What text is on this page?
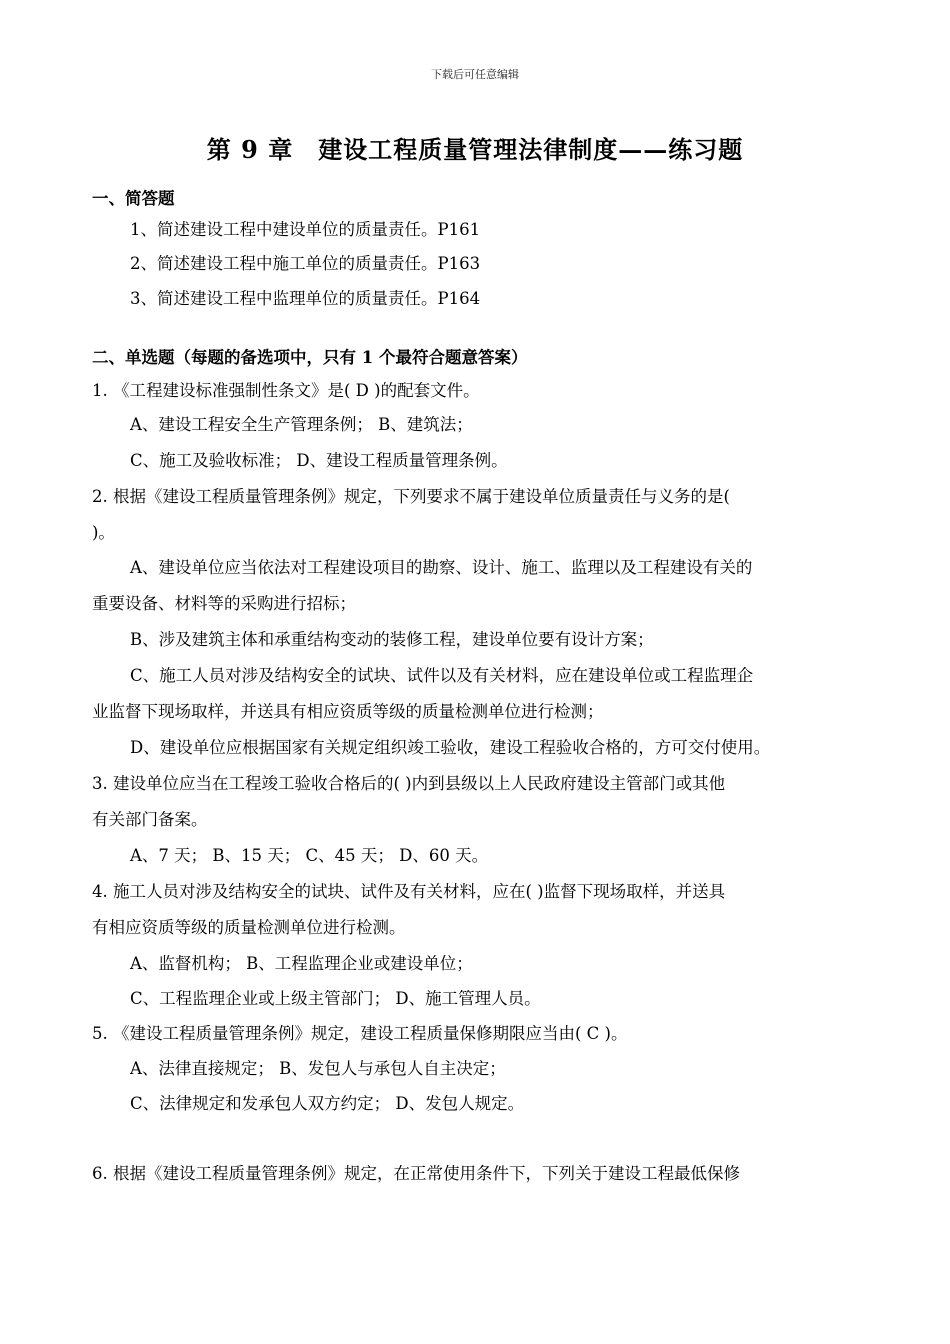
下载后可任意编辑
第 9 章　建设工程质量管理法律制度——练习题
一、简答题
1、简述建设工程中建设单位的质量责任。P161
2、简述建设工程中施工单位的质量责任。P163
3、简述建设工程中监理单位的质量责任。P164
二、单选题（每题的备选项中，只有 1 个最符合题意答案）
1. 《工程建设标准强制性条文》是( D )的配套文件。
A、建设工程安全生产管理条例； B、建筑法；
C、施工及验收标准； D、建设工程质量管理条例。
2. 根据《建设工程质量管理条例》规定，下列要求不属于建设单位质量责任与义务的是(
)。
A、建设单位应当依法对工程建设项目的勘察、设计、施工、监理以及工程建设有关的
重要设备、材料等的采购进行招标；
B、涉及建筑主体和承重结构变动的装修工程，建设单位要有设计方案；
C、施工人员对涉及结构安全的试块、试件以及有关材料，应在建设单位或工程监理企
业监督下现场取样，并送具有相应资质等级的质量检测单位进行检测；
D、建设单位应根据国家有关规定组织竣工验收，建设工程验收合格的，方可交付使用。
3. 建设单位应当在工程竣工验收合格后的( )内到县级以上人民政府建设主管部门或其他
有关部门备案。
A、7 天； B、15 天； C、45 天； D、60 天。
4. 施工人员对涉及结构安全的试块、试件及有关材料，应在( )监督下现场取样，并送具
有相应资质等级的质量检测单位进行检测。
A、监督机构； B、工程监理企业或建设单位；
C、工程监理企业或上级主管部门； D、施工管理人员。
5. 《建设工程质量管理条例》规定，建设工程质量保修期限应当由( C )。
A、法律直接规定； B、发包人与承包人自主决定；
C、法律规定和发承包人双方约定； D、发包人规定。
6. 根据《建设工程质量管理条例》规定，在正常使用条件下，下列关于建设工程最低保修
